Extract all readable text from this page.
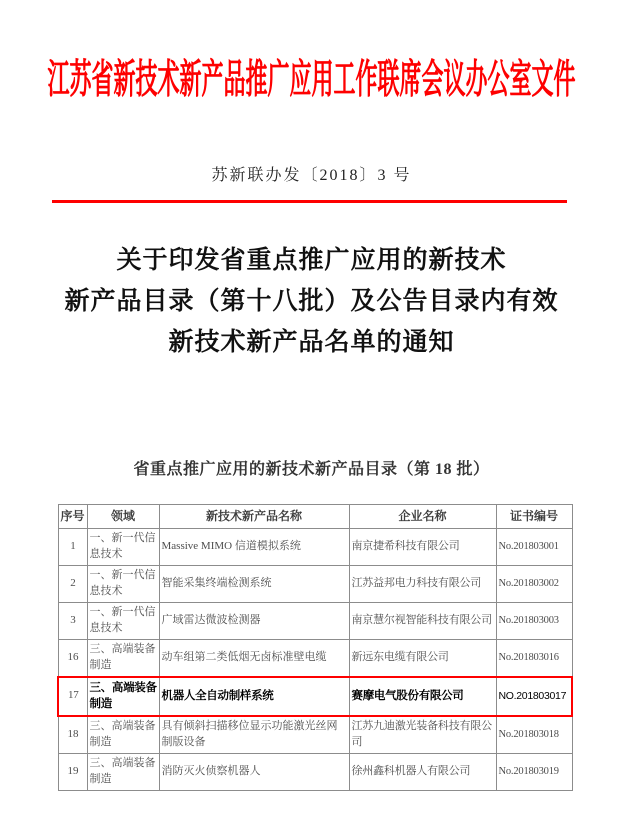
江苏省新技术新产品推广应用工作联席会议办公室文件
苏新联办发〔2018〕3 号
关于印发省重点推广应用的新技术
新产品目录（第十八批）及公告目录内有效
新技术新产品名单的通知
省重点推广应用的新技术新产品目录（第 18 批）
序号	领域	新技术新产品名称	企业名称	证书编号
1	一、新一代信息技术	Massive MIMO 信道模拟系统	南京捷希科技有限公司	No.201803001
2	一、新一代信息技术	智能采集终端检测系统	江苏益邦电力科技有限公司	No.201803002
3	一、新一代信息技术	广域雷达微波检测器	南京慧尔视智能科技有限公司	No.201803003
16	三、高端装备制造	动车组第二类低烟无卤标准壁电缆	新远东电缆有限公司	No.201803016
17	三、高端装备制造	机器人全自动制样系统	赛摩电气股份有限公司	NO.201803017
18	三、高端装备制造	具有倾斜扫描移位显示功能激光丝网制版设备	江苏九迪激光装备科技有限公司	No.201803018
19	三、高端装备制造	消防灭火侦察机器人	徐州鑫科机器人有限公司	No.201803019
